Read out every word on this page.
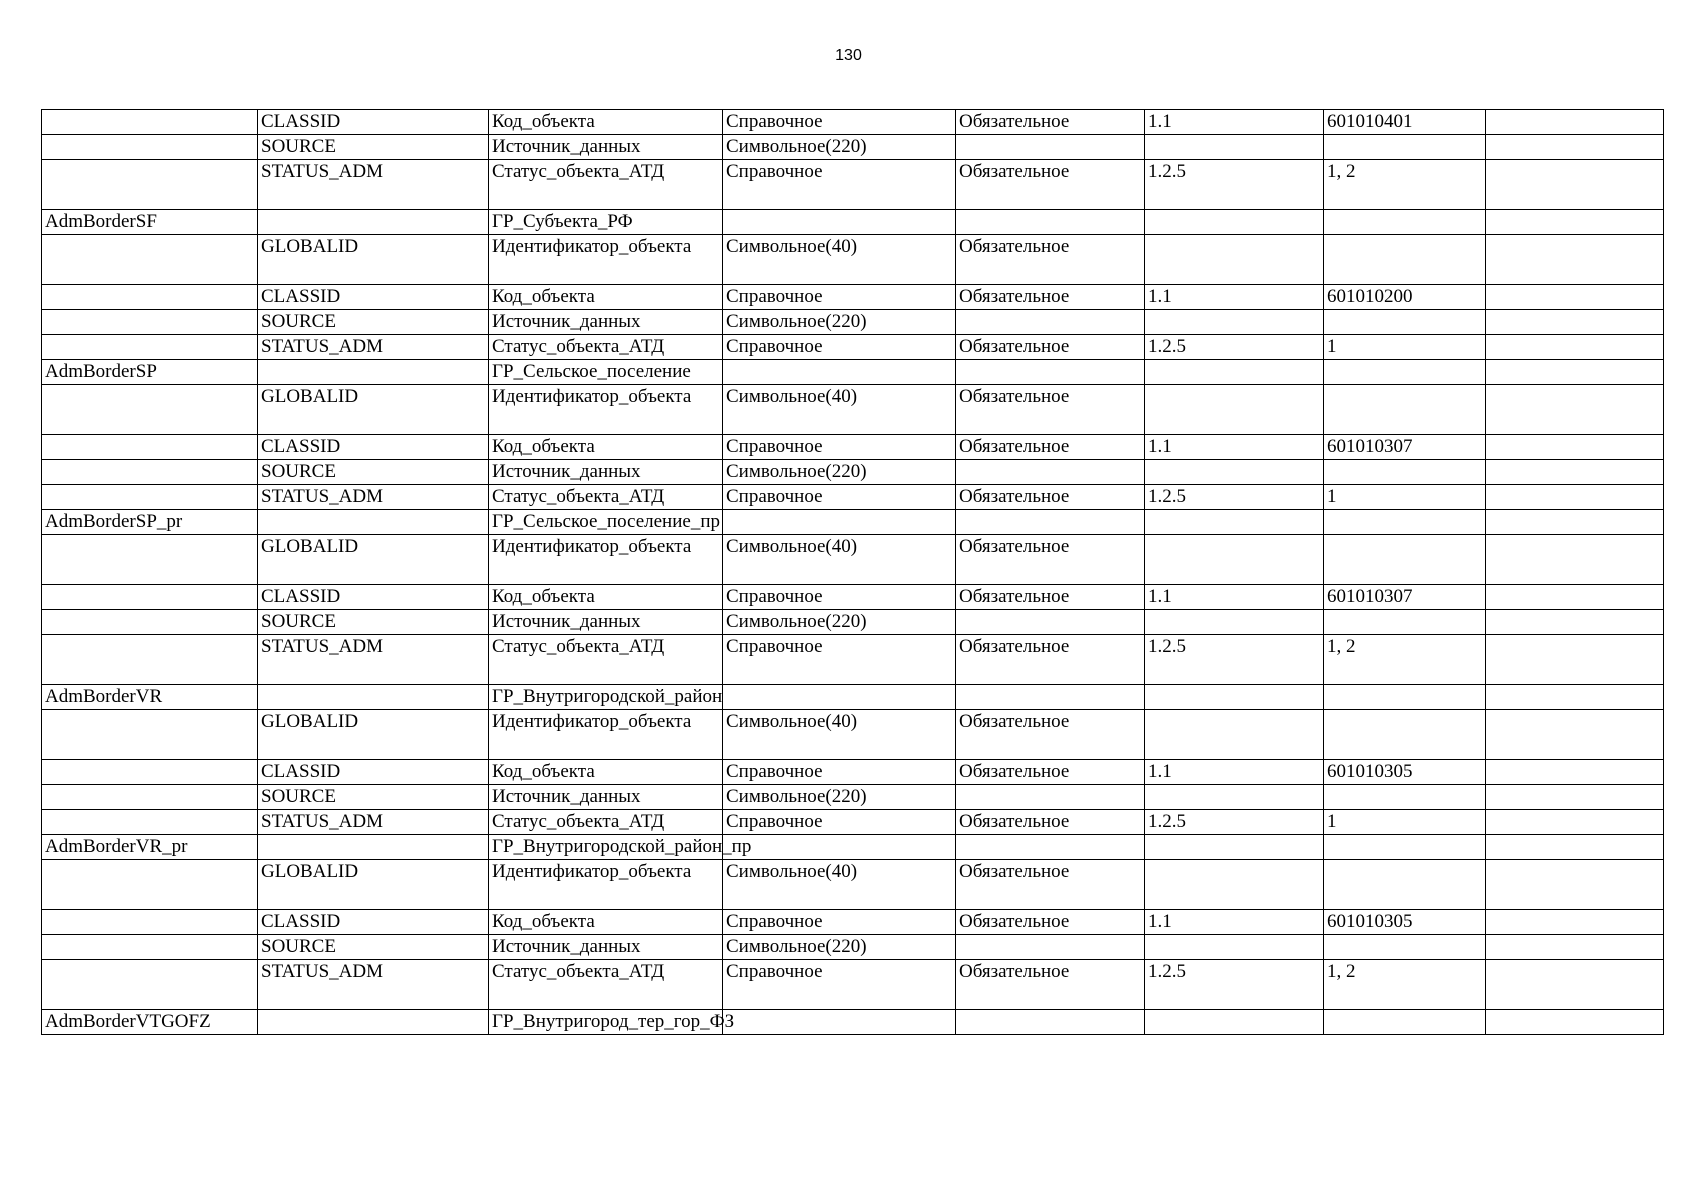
130
	CLASSID	Код_объекта	Справочное	Обязательное	1.1	601010401	
	SOURCE	Источник_данных	Символьное(220)				
	STATUS_ADM	Статус_объекта_АТД	Справочное	Обязательное	1.2.5	1, 2	
AdmBorderSF		ГР_Субъекта_РФ					
	GLOBALID	Идентификатор_объекта	Символьное(40)	Обязательное			
	CLASSID	Код_объекта	Справочное	Обязательное	1.1	601010200	
	SOURCE	Источник_данных	Символьное(220)				
	STATUS_ADM	Статус_объекта_АТД	Справочное	Обязательное	1.2.5	1	
AdmBorderSP		ГР_Сельское_поселение					
	GLOBALID	Идентификатор_объекта	Символьное(40)	Обязательное			
	CLASSID	Код_объекта	Справочное	Обязательное	1.1	601010307	
	SOURCE	Источник_данных	Символьное(220)				
	STATUS_ADM	Статус_объекта_АТД	Справочное	Обязательное	1.2.5	1	
AdmBorderSP_pr		ГР_Сельское_поселение_пр					
	GLOBALID	Идентификатор_объекта	Символьное(40)	Обязательное			
	CLASSID	Код_объекта	Справочное	Обязательное	1.1	601010307	
	SOURCE	Источник_данных	Символьное(220)				
	STATUS_ADM	Статус_объекта_АТД	Справочное	Обязательное	1.2.5	1, 2	
AdmBorderVR		ГР_Внутригородской_район					
	GLOBALID	Идентификатор_объекта	Символьное(40)	Обязательное			
	CLASSID	Код_объекта	Справочное	Обязательное	1.1	601010305	
	SOURCE	Источник_данных	Символьное(220)				
	STATUS_ADM	Статус_объекта_АТД	Справочное	Обязательное	1.2.5	1	
AdmBorderVR_pr		ГР_Внутригородской_район_пр					
	GLOBALID	Идентификатор_объекта	Символьное(40)	Обязательное			
	CLASSID	Код_объекта	Справочное	Обязательное	1.1	601010305	
	SOURCE	Источник_данных	Символьное(220)				
	STATUS_ADM	Статус_объекта_АТД	Справочное	Обязательное	1.2.5	1, 2	
AdmBorderVTGOFZ		ГР_Внутригород_тер_гор_ФЗ					
